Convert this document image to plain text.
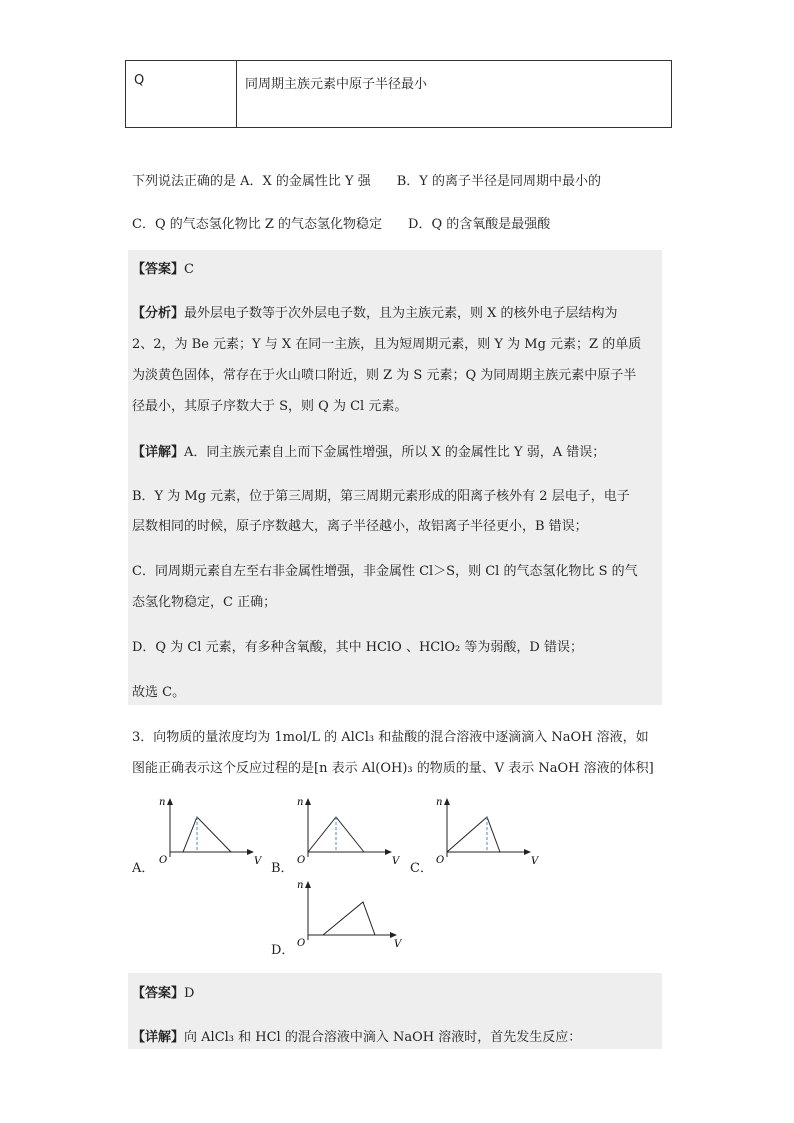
Q	同周期主族元素中原子半径最小
下列说法正确的是 A．X 的金属性比 Y 强　　B．Y 的离子半径是同周期中最小的
C．Q 的气态氢化物比 Z 的气态氢化物稳定　　D．Q 的含氧酸是最强酸
【答案】C
【分析】最外层电子数等于次外层电子数，且为主族元素，则 X 的核外电子层结构为
2、2，为 Be 元素；Y 与 X 在同一主族，且为短周期元素，则 Y 为 Mg 元素；Z 的单质
为淡黄色固体，常存在于火山喷口附近，则 Z 为 S 元素；Q 为同周期主族元素中原子半
径最小，其原子序数大于 S，则 Q 为 Cl 元素。
【详解】A．同主族元素自上而下金属性增强，所以 X 的金属性比 Y 弱，A 错误；
B．Y 为 Mg 元素，位于第三周期，第三周期元素形成的阳离子核外有 2 层电子，电子
层数相同的时候，原子序数越大，离子半径越小，故铝离子半径更小，B 错误；
C．同周期元素自左至右非金属性增强，非金属性 Cl＞S，则 Cl 的气态氢化物比 S 的气
态氢化物稳定，C 正确；
D．Q 为 Cl 元素，有多种含氧酸，其中 HClO 、HClO₂ 等为弱酸，D 错误；
故选 C。
3．向物质的量浓度均为 1mol/L 的 AlCl₃ 和盐酸的混合溶液中逐滴滴入 NaOH 溶液，如
图能正确表示这个反应过程的是[n 表示 Al(OH)₃ 的物质的量、V 表示 NaOH 溶液的体积]
A．
n
V
O
B．
n
V
O
C．
n
V
O
D．
n
V
O
【答案】D
【详解】向 AlCl₃ 和 HCl 的混合溶液中滴入 NaOH 溶液时，首先发生反应：
